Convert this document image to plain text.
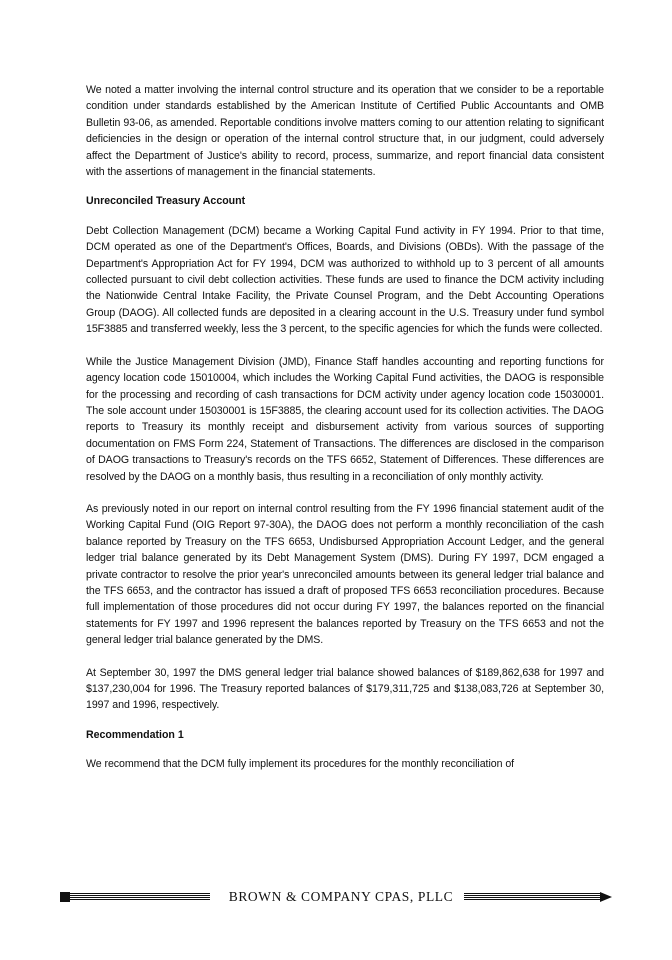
We noted a matter involving the internal control structure and its operation that we consider to be a reportable condition under standards established by the American Institute of Certified Public Accountants and OMB Bulletin 93-06, as amended. Reportable conditions involve matters coming to our attention relating to significant deficiencies in the design or operation of the internal control structure that, in our judgment, could adversely affect the Department of Justice's ability to record, process, summarize, and report financial data consistent with the assertions of management in the financial statements.

Unreconciled Treasury Account

Debt Collection Management (DCM) became a Working Capital Fund activity in FY 1994. Prior to that time, DCM operated as one of the Department's Offices, Boards, and Divisions (OBDs). With the passage of the Department's Appropriation Act for FY 1994, DCM was authorized to withhold up to 3 percent of all amounts collected pursuant to civil debt collection activities. These funds are used to finance the DCM activity including the Nationwide Central Intake Facility, the Private Counsel Program, and the Debt Accounting Operations Group (DAOG). All collected funds are deposited in a clearing account in the U.S. Treasury under fund symbol 15F3885 and transferred weekly, less the 3 percent, to the specific agencies for which the funds were collected.

While the Justice Management Division (JMD), Finance Staff handles accounting and reporting functions for agency location code 15010004, which includes the Working Capital Fund activities, the DAOG is responsible for the processing and recording of cash transactions for DCM activity under agency location code 15030001. The sole account under 15030001 is 15F3885, the clearing account used for its collection activities. The DAOG reports to Treasury its monthly receipt and disbursement activity from various sources of supporting documentation on FMS Form 224, Statement of Transactions. The differences are disclosed in the comparison of DAOG transactions to Treasury's records on the TFS 6652, Statement of Differences. These differences are resolved by the DAOG on a monthly basis, thus resulting in a reconciliation of only monthly activity.

As previously noted in our report on internal control resulting from the FY 1996 financial statement audit of the Working Capital Fund (OIG Report 97-30A), the DAOG does not perform a monthly reconciliation of the cash balance reported by Treasury on the TFS 6653, Undisbursed Appropriation Account Ledger, and the general ledger trial balance generated by its Debt Management System (DMS). During FY 1997, DCM engaged a private contractor to resolve the prior year's unreconciled amounts between its general ledger trial balance and the TFS 6653, and the contractor has issued a draft of proposed TFS 6653 reconciliation procedures. Because full implementation of those procedures did not occur during FY 1997, the balances reported on the financial statements for FY 1997 and 1996 represent the balances reported by Treasury on the TFS 6653 and not the general ledger trial balance generated by the DMS.

At September 30, 1997 the DMS general ledger trial balance showed balances of $189,862,638 for 1997 and $137,230,004 for 1996. The Treasury reported balances of $179,311,725 and $138,083,726 at September 30, 1997 and 1996, respectively.

Recommendation 1

We recommend that the DCM fully implement its procedures for the monthly reconciliation of

BROWN & COMPANY CPAS, PLLC
